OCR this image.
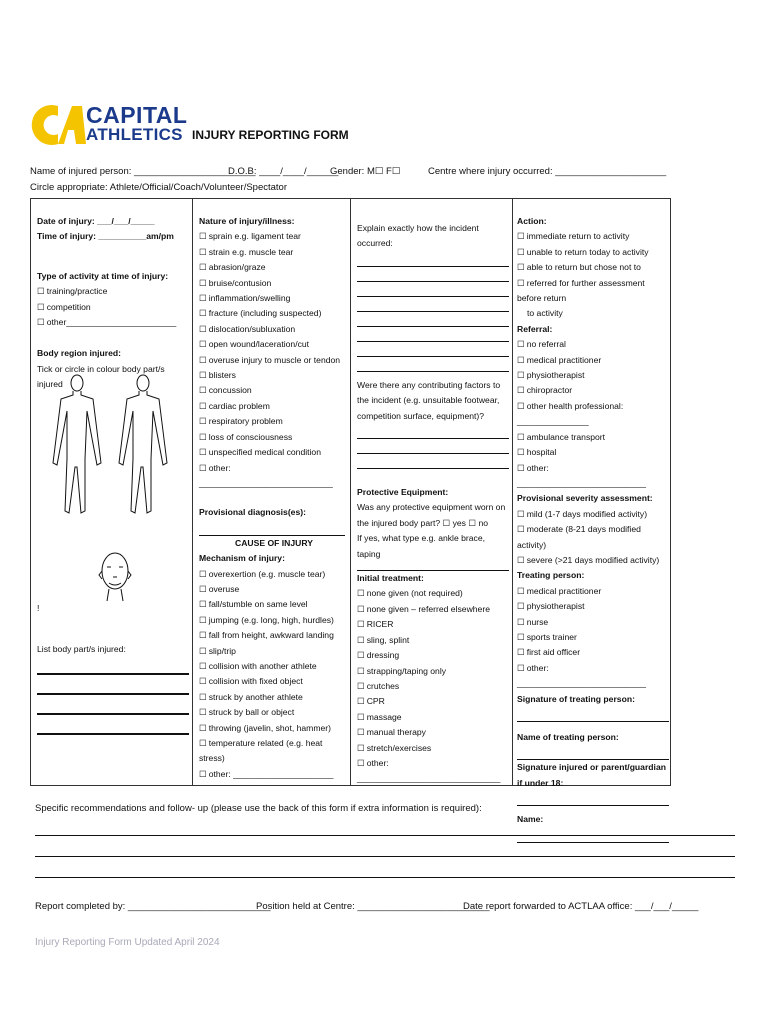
CAPITAL
ATHLETICS INJURY REPORTING FORM
Name of injured person: _______________________
D.O.B: ____/____/______
Gender: M☐ F☐	Centre where injury occurred: _____________________
Circle appropriate: Athlete/Official/Coach/Volunteer/Spectator
Date of injury: ___/___/_____
Time of injury: __________am/pm
Type of activity at time of injury:
☐ training/practice
☐ competition
☐ other_______________________
Body region injured:
Tick or circle in colour body part/s injured
!
List body part/s injured:
Nature of injury/illness:
☐ sprain e.g. ligament tear
☐ strain e.g. muscle tear
☐ abrasion/graze
☐ bruise/contusion
☐ inflammation/swelling
☐ fracture (including suspected)
☐ dislocation/subluxation
☐ open wound/laceration/cut
☐ overuse injury to muscle or tendon
☐ blisters
☐ concussion
☐ cardiac problem
☐ respiratory problem
☐ loss of consciousness
☐ unspecified medical condition
☐ other: ____________________________
Provisional diagnosis(es):
CAUSE OF INJURY
Mechanism of injury:
☐ overexertion (e.g. muscle tear)
☐ overuse
☐ fall/stumble on same level
☐ jumping (e.g. long, high, hurdles)
☐ fall from height, awkward landing
☐ slip/trip
☐ collision with another athlete
☐ collision with fixed object
☐ struck by another athlete
☐ struck by ball or object
☐ throwing (javelin, shot, hammer)
☐ temperature related (e.g. heat stress)
☐ other: _____________________
Explain exactly how the incident occurred:
Were there any contributing factors to the incident (e.g. unsuitable footwear, competition surface, equipment)?
Protective Equipment:
Was any protective equipment worn on the injured body part? ☐ yes ☐ no
If yes, what type e.g. ankle brace, taping
Initial treatment:
☐ none given (not required)
☐ none given – referred elsewhere
☐ RICER
☐ sling, splint
☐ dressing
☐ strapping/taping only
☐ crutches
☐ CPR
☐ massage
☐ manual therapy
☐ stretch/exercises
☐ other: ______________________________
Action:
☐ immediate return to activity
☐ unable to return today to activity
☐ able to return but chose not to
☐ referred for further assessment before return
to activity
Referral:
☐ no referral
☐ medical practitioner
☐ physiotherapist
☐ chiropractor
☐ other health professional: _______________
☐ ambulance transport
☐ hospital
☐ other: ___________________________
Provisional severity assessment:
☐ mild (1-7 days modified activity)
☐ moderate (8-21 days modified activity)
☐ severe (>21 days modified activity)
Treating person:
☐ medical practitioner
☐ physiotherapist
☐ nurse
☐ sports trainer
☐ first aid officer
☐ other: ___________________________
Signature of treating person:
Name of treating person:
Signature injured or parent/guardian if under 18:
Name:
Specific recommendations and follow- up (please use the back of this form if extra information is required):
Report completed by: ___________________________
Position held at Centre: _________________________
Date report forwarded to ACTLAA office: ___/___/_____
Injury Reporting Form Updated April 2024
